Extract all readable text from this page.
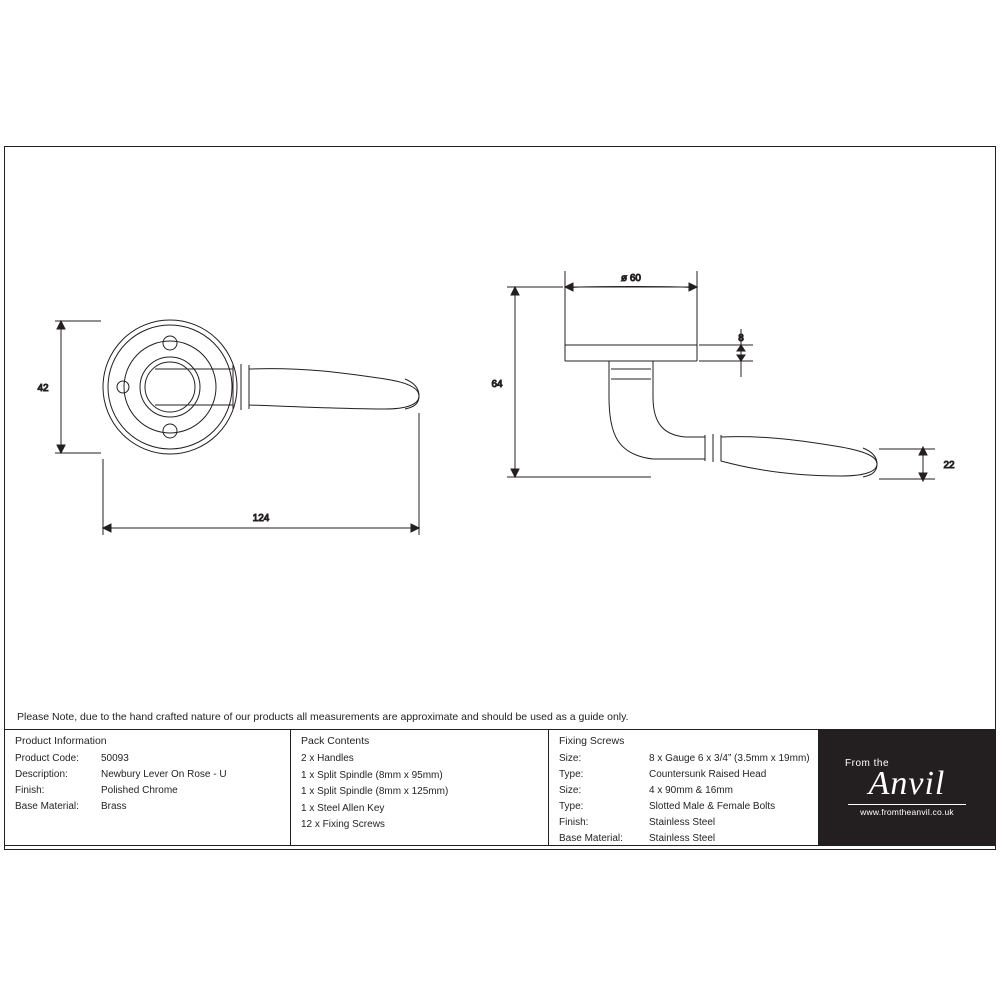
42
124
ø 60
8
64
22
Please Note, due to the hand crafted nature of our products all measurements are approximate and should be used as a guide only.
Product Information
Product Code:	50093
Description:	Newbury Lever On Rose - U
Finish:	Polished Chrome
Base Material:	Brass
Pack Contents
2 x Handles
1 x Split Spindle (8mm x 95mm)
1 x Split Spindle (8mm x 125mm)
1 x Steel Allen Key
12 x Fixing Screws
Fixing Screws
Size:	8 x Gauge 6 x 3/4” (3.5mm x 19mm)
Type:	Countersunk Raised Head
Size:	4 x 90mm & 16mm
Type:	Slotted Male & Female Bolts
Finish:	Stainless Steel
Base Material:	Stainless Steel
From the
Anvil
www.fromtheanvil.co.uk
